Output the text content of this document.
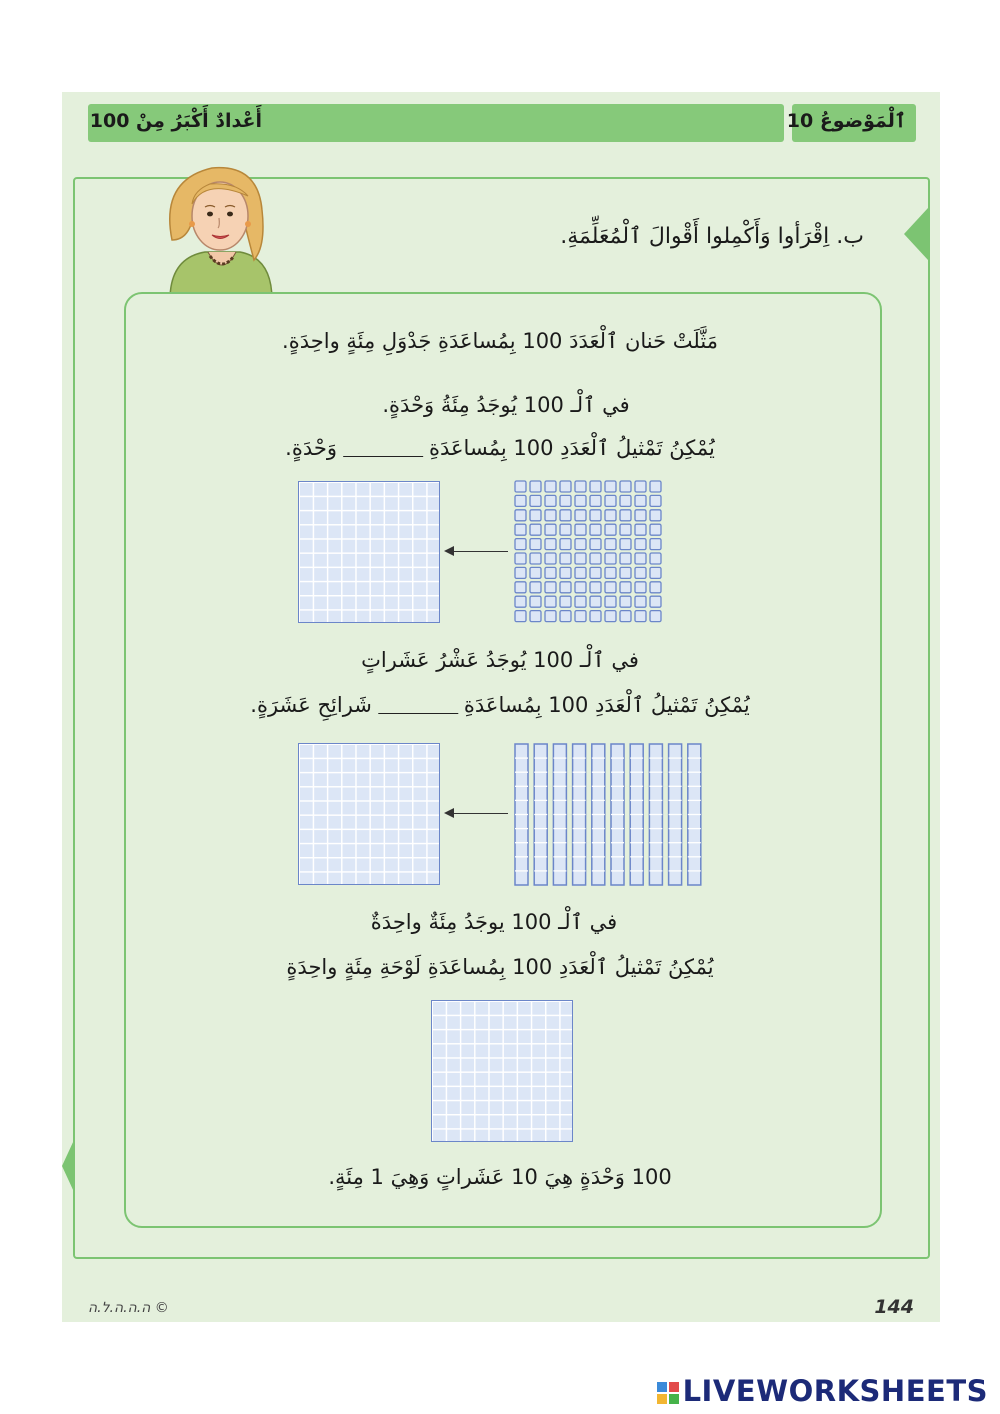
أَعْدادٌ أَكْبَرُ مِنْ 100	ٱلْمَوْضوعُ 10
ب. اِقْرَأوا وَأَكْمِلوا أَقْوالَ ٱلْمُعَلِّمَةِ.
مَثَّلَتْ حَنان ٱلْعَدَدَ 100 بِمُساعَدَةِ جَدْوَلِ مِئَةٍ واحِدَةٍ.
في ٱلْـ 100 يُوجَدُ مِئَةُ وَحْدَةٍ.
يُمْكِنُ تَمْثيلُ ٱلْعَدَدِ 100 بِمُساعَدَةِوَحْدَةٍ.
في ٱلْـ 100 يُوجَدُ عَشْرُ عَشَراتٍ
يُمْكِنُ تَمْثيلُ ٱلْعَدَدِ 100 بِمُساعَدَةِشَرائِحِ عَشَرَةٍ.
في ٱلْـ 100 يوجَدُ مِئَةٌ واحِدَةٌ
يُمْكِنُ تَمْثيلُ ٱلْعَدَدِ 100 بِمُساعَدَةِ لَوْحَةِ مِئَةٍ واحِدَةٍ
100 وَحْدَةٍ هِيَ 10 عَشَراتٍ وَهِيَ 1 مِئَةٍ.
ה.ה.ה.ל.ה ©	144
LIVEWORKSHEETS
